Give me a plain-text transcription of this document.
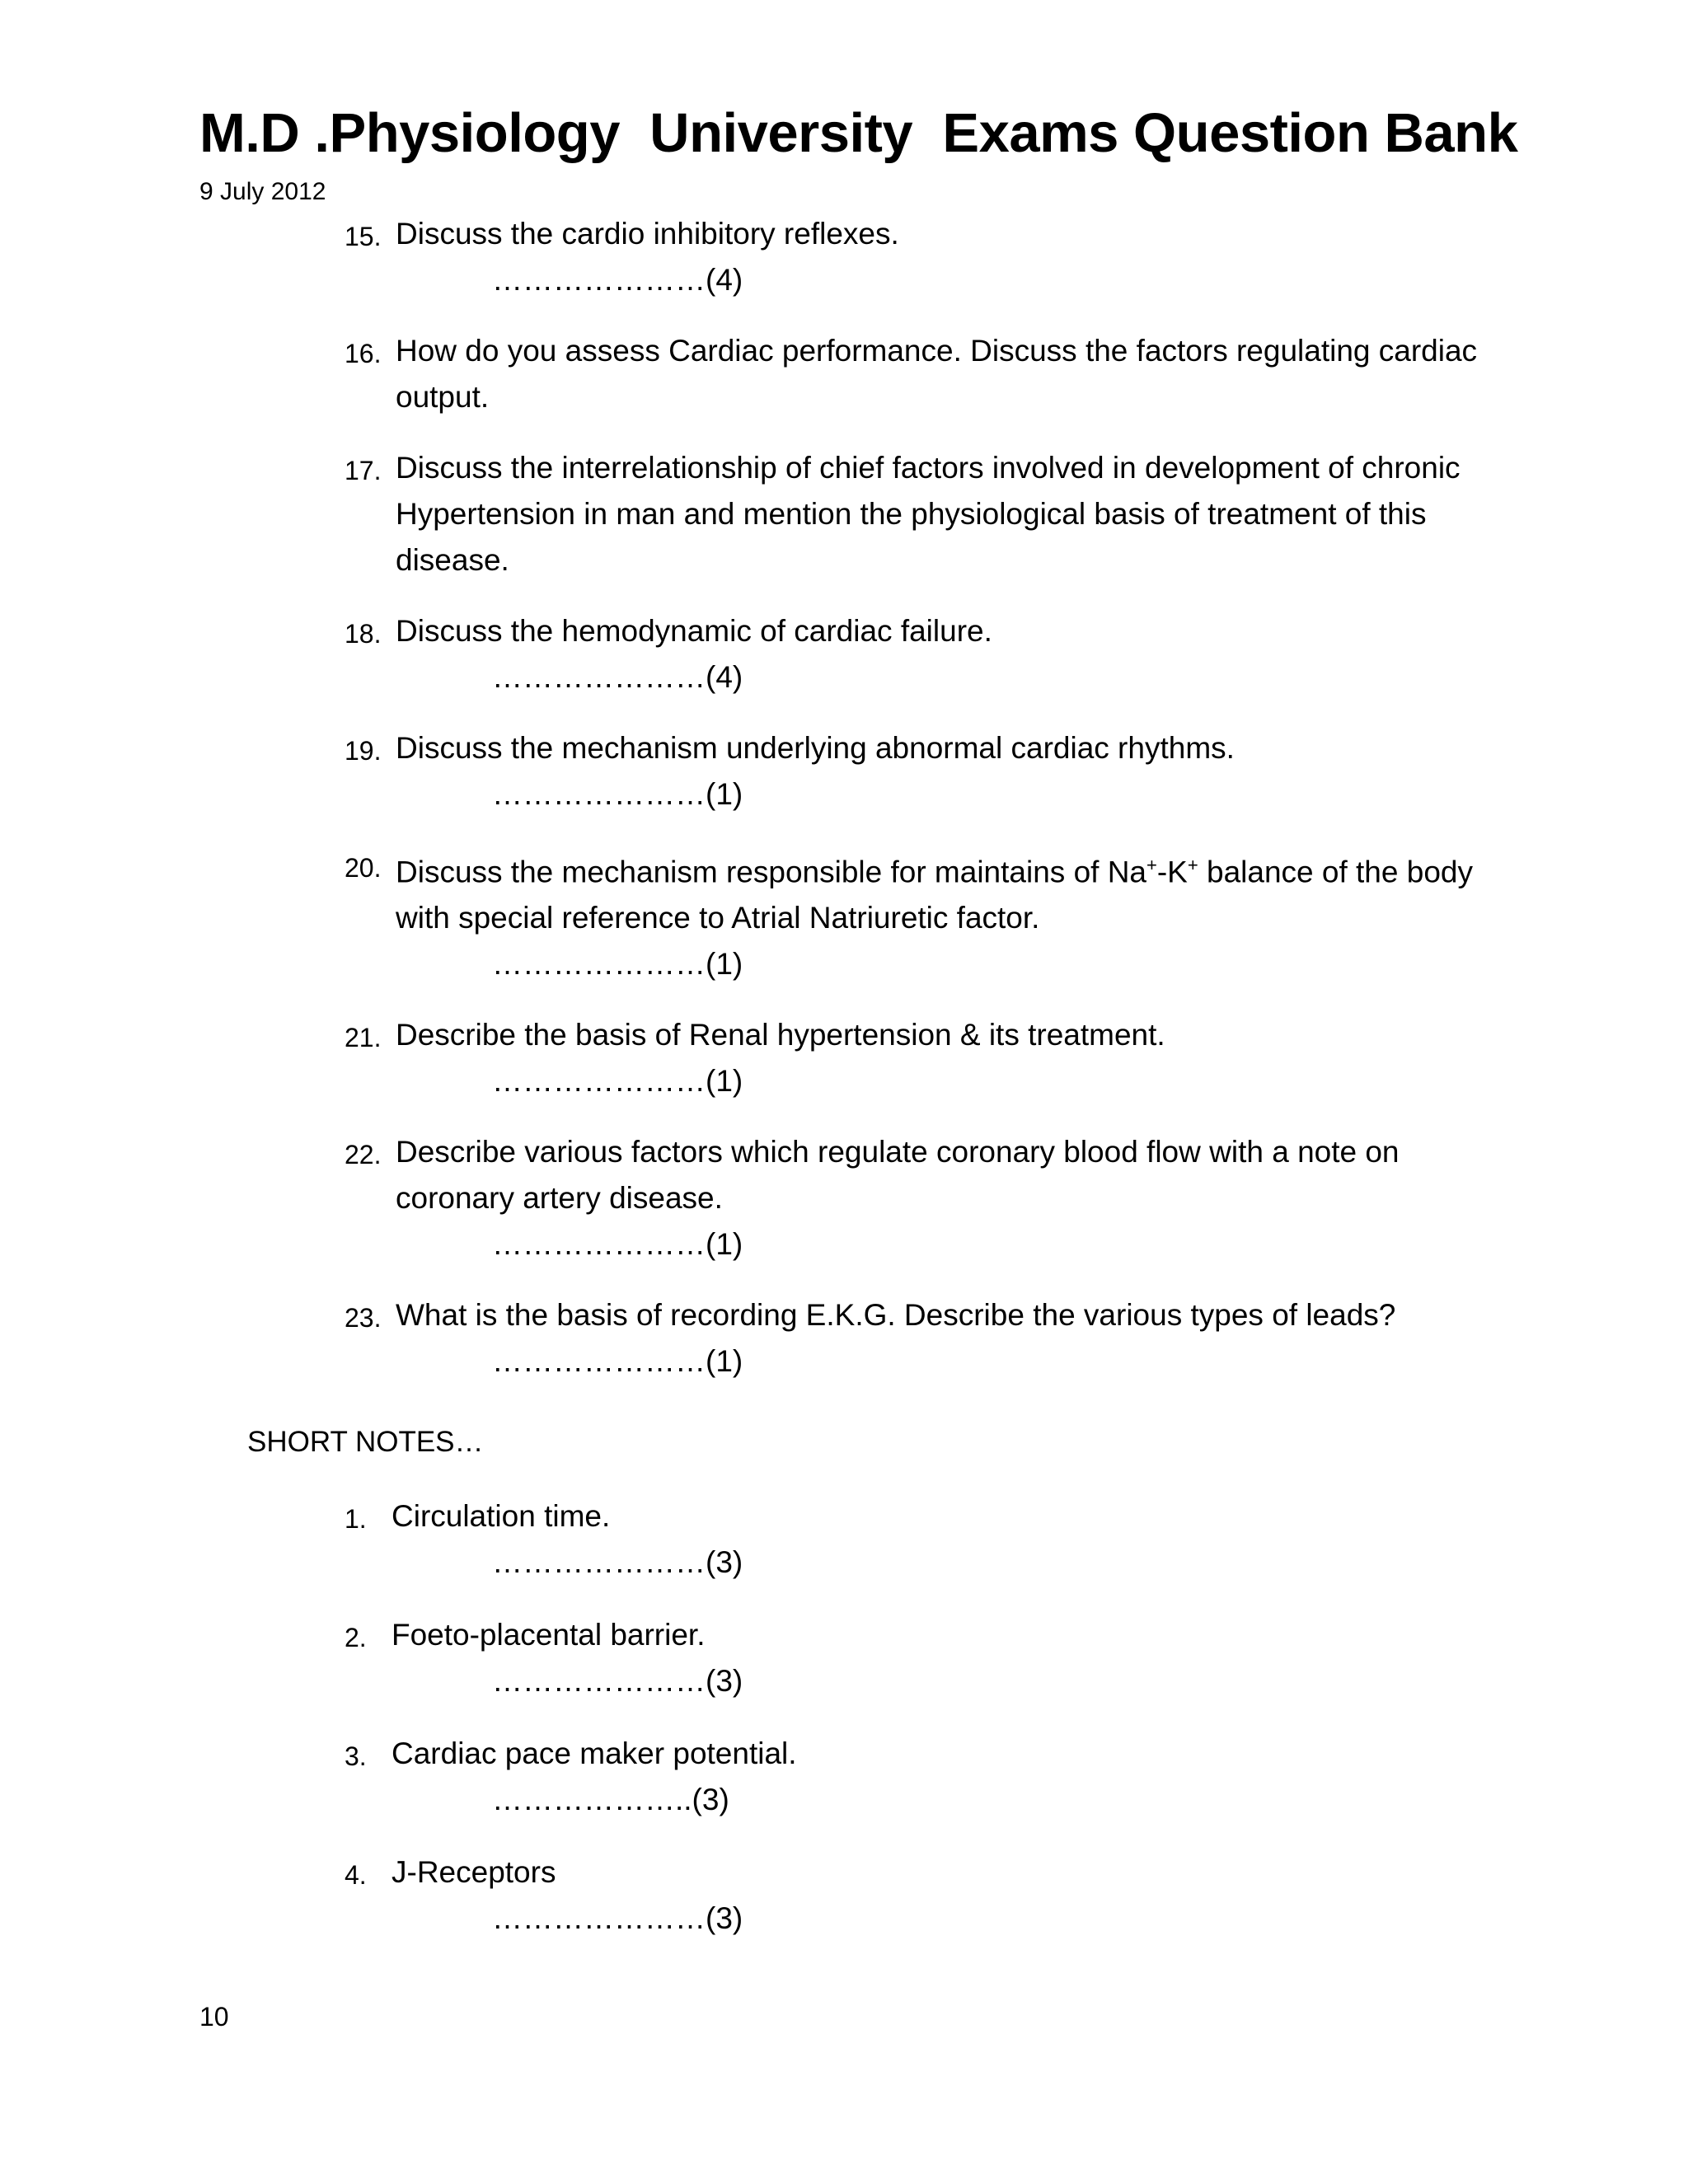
M.D .Physiology  University  Exams Question Bank
9 July 2012
15. Discuss the cardio inhibitory reflexes.
…………………(4)
16. How do you assess Cardiac performance. Discuss the factors regulating cardiac output.
17. Discuss the interrelationship of chief factors involved in development of chronic Hypertension in man and mention the physiological basis of treatment of this disease.
18. Discuss the hemodynamic of cardiac failure.
…………………(4)
19. Discuss the mechanism underlying abnormal cardiac rhythms.
…………………(1)
20. Discuss the mechanism responsible for maintains of Na+-K+ balance of the body with special reference to Atrial Natriuretic factor.
…………………(1)
21. Describe the basis of Renal hypertension & its treatment.
…………………(1)
22. Describe various factors which regulate coronary blood flow with a note on coronary artery disease.
…………………(1)
23. What is the basis of recording E.K.G. Describe the various types of leads?
…………………(1)
SHORT NOTES…
1. Circulation time.
…………………(3)
2. Foeto-placental barrier.
…………………(3)
3. Cardiac pace maker potential.
………………..(3)
4. J-Receptors
…………………(3)
10
